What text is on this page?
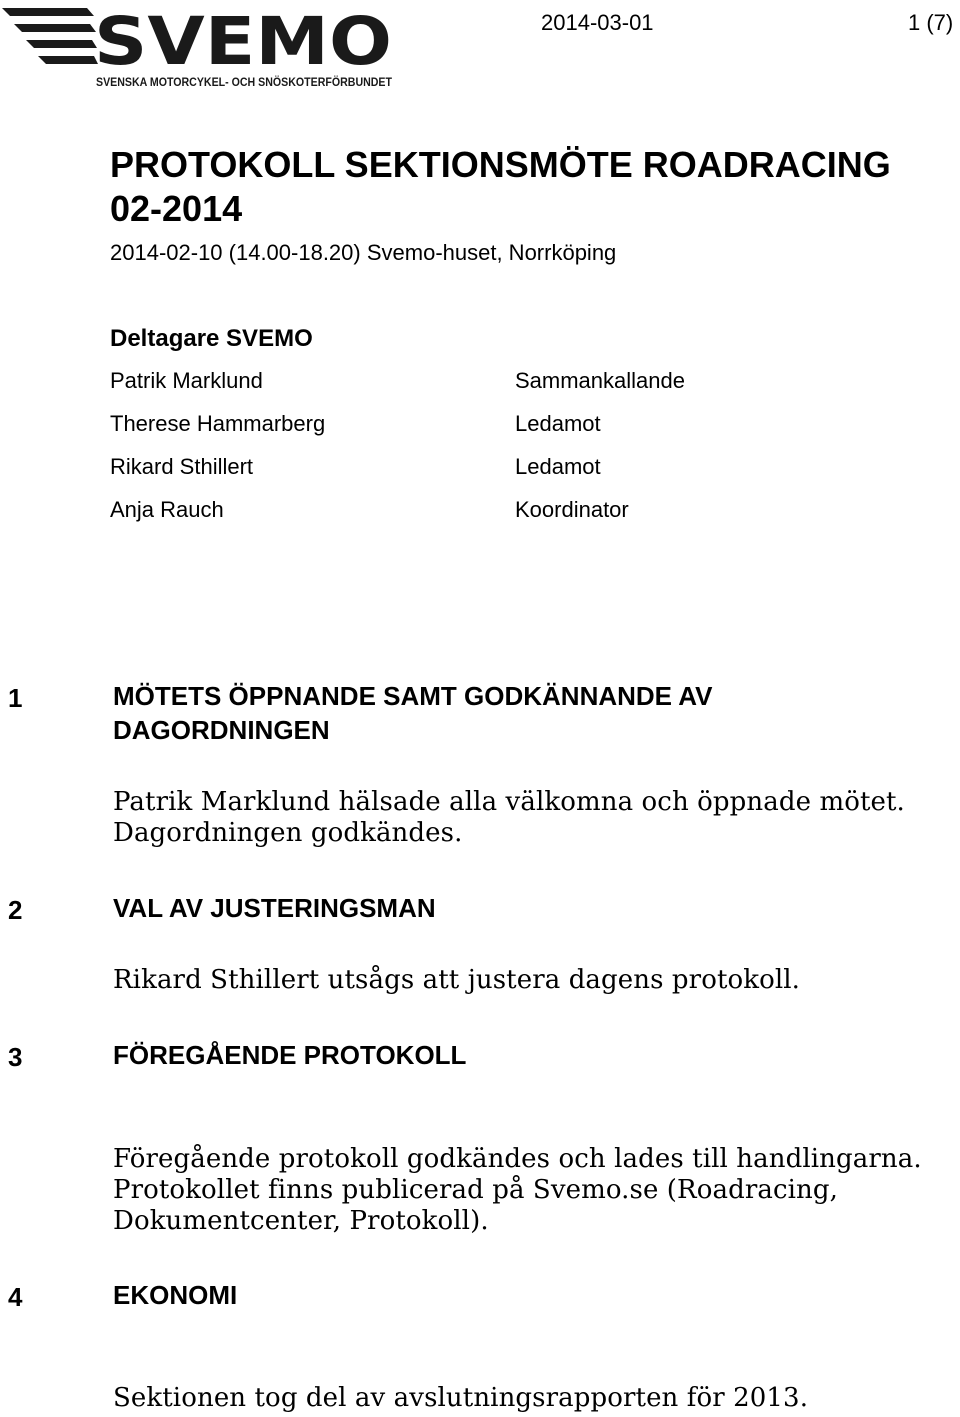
SVEMO
SVENSKA MOTORCYKEL- OCH SNÖSKOTERFÖRBUNDET
2014-03-01	1 (7)
PROTOKOLL SEKTIONSMÖTE ROADRACING 02-2014
2014-02-10 (14.00-18.20) Svemo-huset, Norrköping
Deltagare SVEMO
Patrik Marklund	Sammankallande
Therese Hammarberg	Ledamot
Rikard Sthillert	Ledamot
Anja Rauch	Koordinator
1	MÖTETS ÖPPNANDE SAMT GODKÄNNANDE AV DAGORDNINGEN

Patrik Marklund hälsade alla välkomna och öppnade mötet.

Dagordningen godkändes.

2	VAL AV JUSTERINGSMAN

Rikard Sthillert utsågs att justera dagens protokoll.

3	FÖREGÅENDE PROTOKOLL

Föregående protokoll godkändes och lades till handlingarna.

Protokollet finns publicerad på Svemo.se (Roadracing,

Dokumentcenter, Protokoll).

4	EKONOMI

Sektionen tog del av avslutningsrapporten för 2013.
